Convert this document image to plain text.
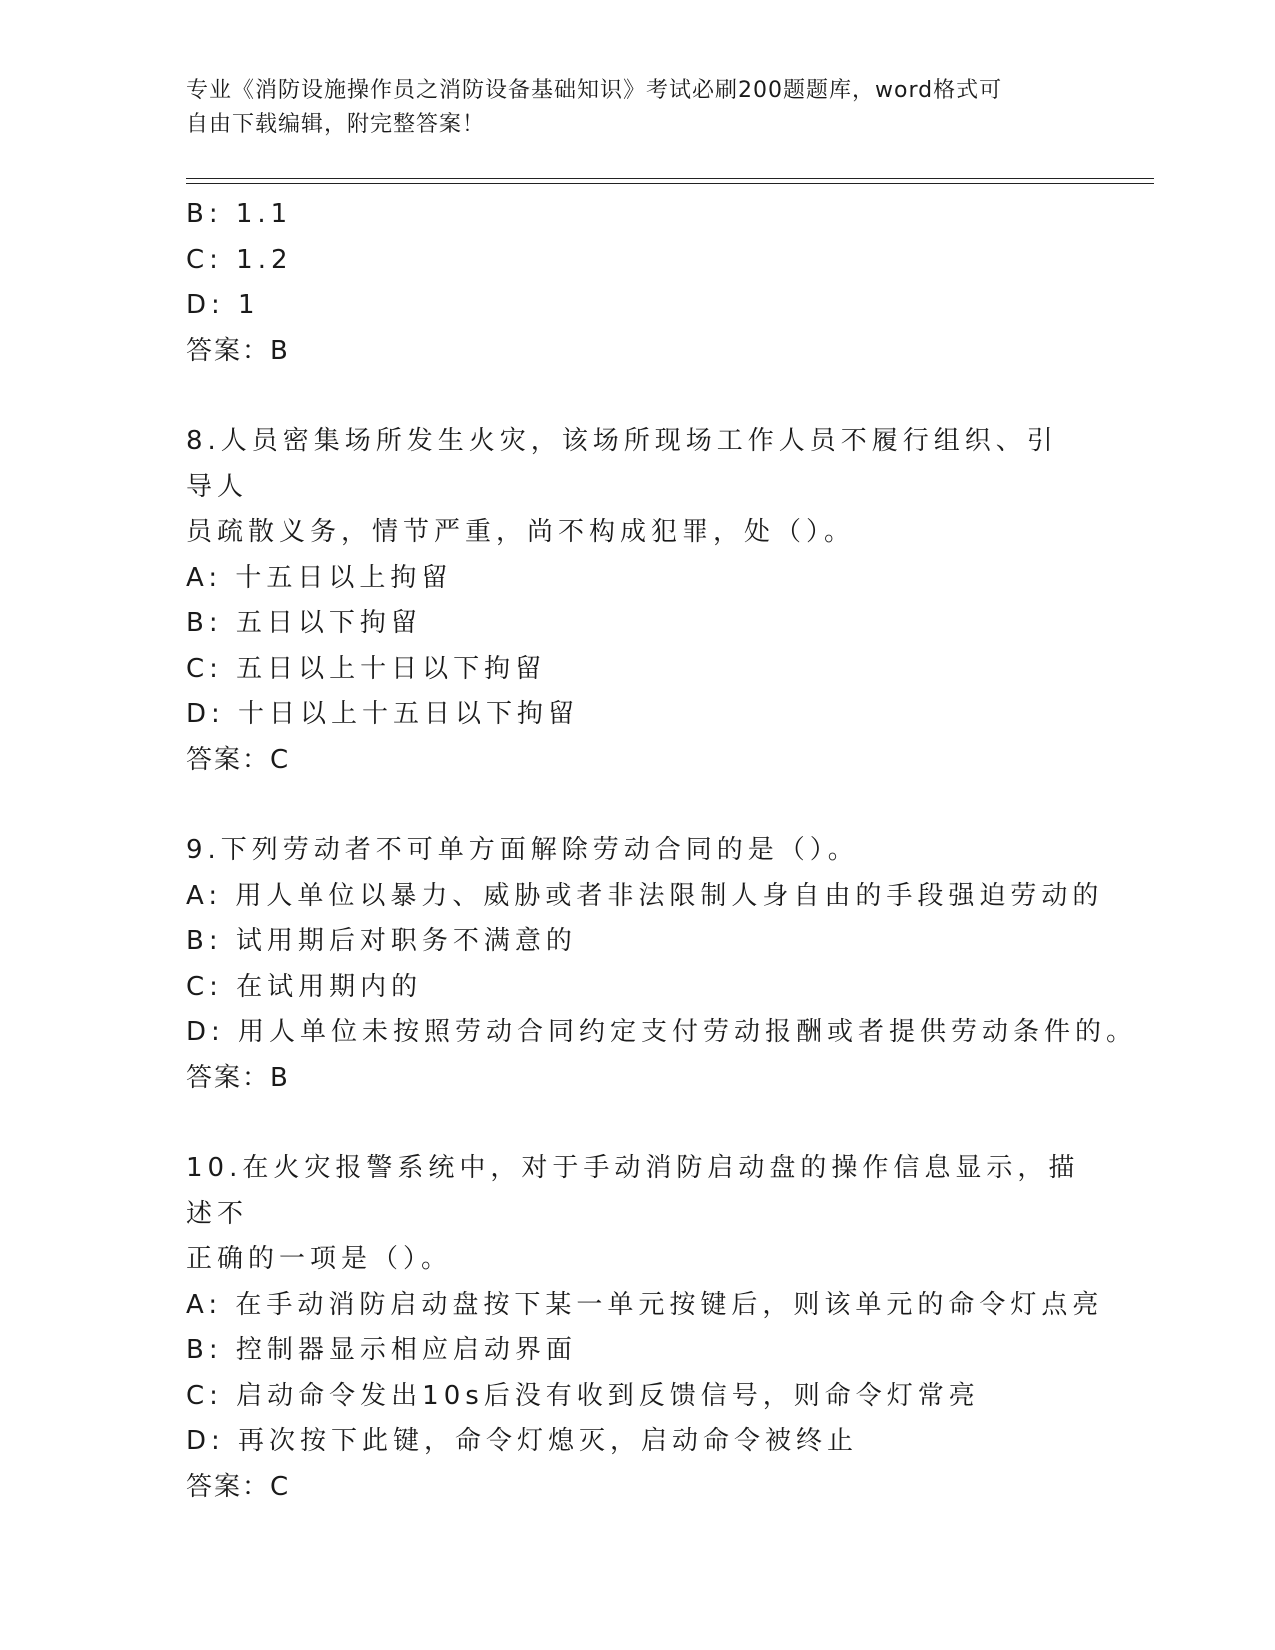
专业《消防设施操作员之消防设备基础知识》考试必刷200题题库，word格式可
自由下载编辑，附完整答案！
B: 1.1
C: 1.2
D: 1
答案：B
8.人员密集场所发生火灾，该场所现场工作人员不履行组织、引导人
员疏散义务，情节严重，尚不构成犯罪，处（）。
A: 十五日以上拘留
B: 五日以下拘留
C: 五日以上十日以下拘留
D: 十日以上十五日以下拘留
答案：C
9.下列劳动者不可单方面解除劳动合同的是（）。
A: 用人单位以暴力、威胁或者非法限制人身自由的手段强迫劳动的
B: 试用期后对职务不满意的
C: 在试用期内的
D: 用人单位未按照劳动合同约定支付劳动报酬或者提供劳动条件的。
答案：B
10.在火灾报警系统中，对于手动消防启动盘的操作信息显示，描述不
正确的一项是（）。
A: 在手动消防启动盘按下某一单元按键后，则该单元的命令灯点亮
B: 控制器显示相应启动界面
C: 启动命令发出10s后没有收到反馈信号，则命令灯常亮
D: 再次按下此键，命令灯熄灭，启动命令被终止
答案：C
